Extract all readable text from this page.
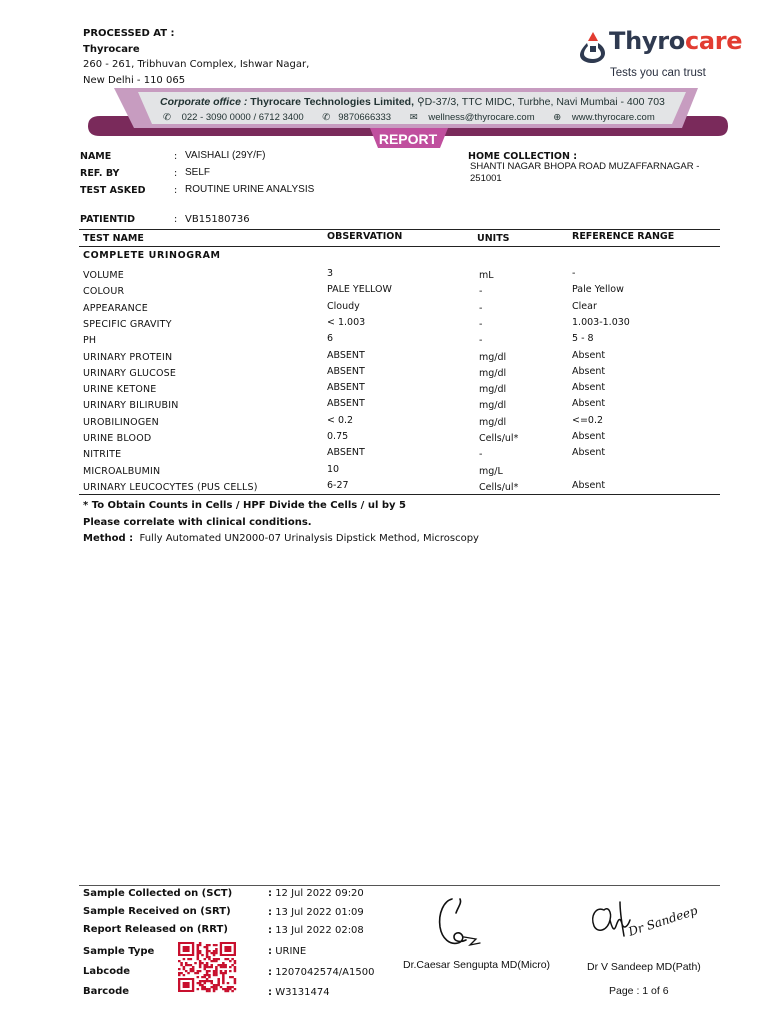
PROCESSED AT :
Thyrocare
260 - 261, Tribhuvan Complex, Ishwar Nagar,
New Delhi - 110 065
Thyrocare
Tests you can trust
Corporate office : Thyrocare Technologies Limited, ⚲D-37/3, TTC MIDC, Turbhe, Navi Mumbai - 400 703
✆ 022 - 3090 0000 / 6712 3400 ✆ 9870666333 ✉ wellness@thyrocare.com ⊕ www.thyrocare.com
REPORT
NAME	: VAISHALI (29Y/F)
REF. BY	: SELF
TEST ASKED	: ROUTINE URINE ANALYSIS
PATIENTID	: VB15180736
HOME COLLECTION :
SHANTI NAGAR BHOPA ROAD MUZAFFARNAGAR -
251001
TEST NAME	OBSERVATION	UNITS	REFERENCE RANGE
COMPLETE URINOGRAM
VOLUME	3	mL	-
COLOUR	PALE YELLOW	-	Pale Yellow
APPEARANCE	Cloudy	-	Clear
SPECIFIC GRAVITY	< 1.003	-	1.003-1.030
PH	6	-	5 - 8
URINARY PROTEIN	ABSENT	mg/dl	Absent
URINARY GLUCOSE	ABSENT	mg/dl	Absent
URINE KETONE	ABSENT	mg/dl	Absent
URINARY BILIRUBIN	ABSENT	mg/dl	Absent
UROBILINOGEN	< 0.2	mg/dl	<=0.2
URINE BLOOD	0.75	Cells/ul*	Absent
NITRITE	ABSENT	-	Absent
MICROALBUMIN	10	mg/L
URINARY LEUCOCYTES (PUS CELLS)	6-27	Cells/ul*	Absent
* To Obtain Counts in Cells / HPF Divide the Cells / ul by 5
Please correlate with clinical conditions.
Method : Fully Automated UN2000-07 Urinalysis Dipstick Method, Microscopy
Sample Collected on (SCT)	: 12 Jul 2022 09:20
Sample Received on (SRT)	: 13 Jul 2022 01:09
Report Released on (RRT)	: 13 Jul 2022 02:08
Sample Type	: URINE
Labcode	: 1207042574/A1500
Barcode	: W3131474
Dr.Caesar Sengupta MD(Micro)
Dr Sandeep
Dr V Sandeep MD(Path)
Page : 1 of 6
